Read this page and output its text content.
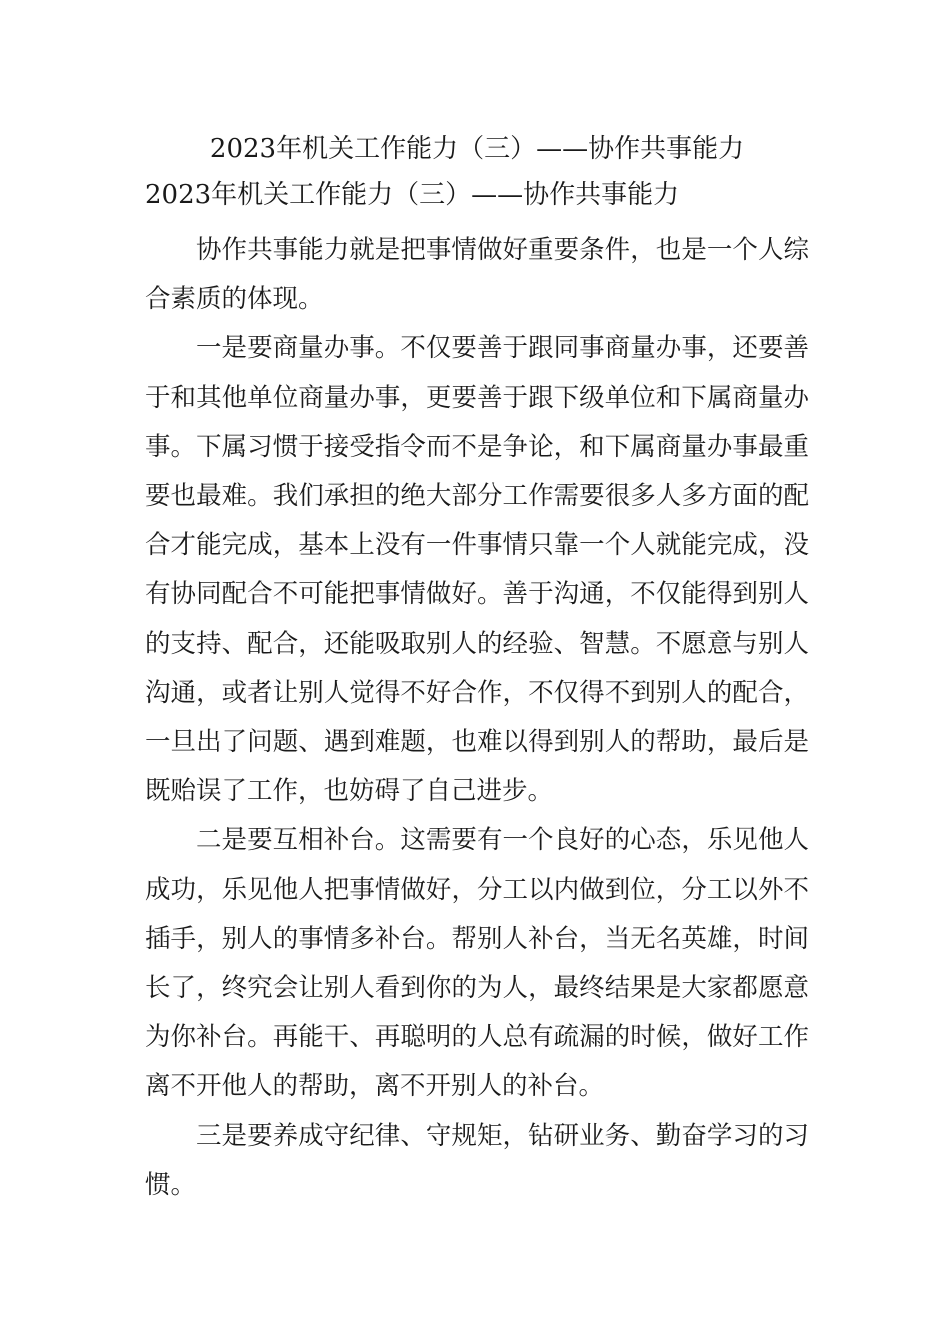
2023年机关工作能力（三）——协作共事能力
2023年机关工作能力（三）——协作共事能力

协作共事能力就是把事情做好重要条件，也是一个人综合素质的体现。

一是要商量办事。不仅要善于跟同事商量办事，还要善于和其他单位商量办事，更要善于跟下级单位和下属商量办事。下属习惯于接受指令而不是争论，和下属商量办事最重要也最难。我们承担的绝大部分工作需要很多人多方面的配合才能完成，基本上没有一件事情只靠一个人就能完成，没有协同配合不可能把事情做好。善于沟通，不仅能得到别人的支持、配合，还能吸取别人的经验、智慧。不愿意与别人沟通，或者让别人觉得不好合作，不仅得不到别人的配合，一旦出了问题、遇到难题，也难以得到别人的帮助，最后是既贻误了工作，也妨碍了自己进步。

二是要互相补台。这需要有一个良好的心态，乐见他人成功，乐见他人把事情做好，分工以内做到位，分工以外不插手，别人的事情多补台。帮别人补台，当无名英雄，时间长了，终究会让别人看到你的为人，最终结果是大家都愿意为你补台。再能干、再聪明的人总有疏漏的时候，做好工作离不开他人的帮助，离不开别人的补台。

三是要养成守纪律、守规矩，钻研业务、勤奋学习的习惯。
